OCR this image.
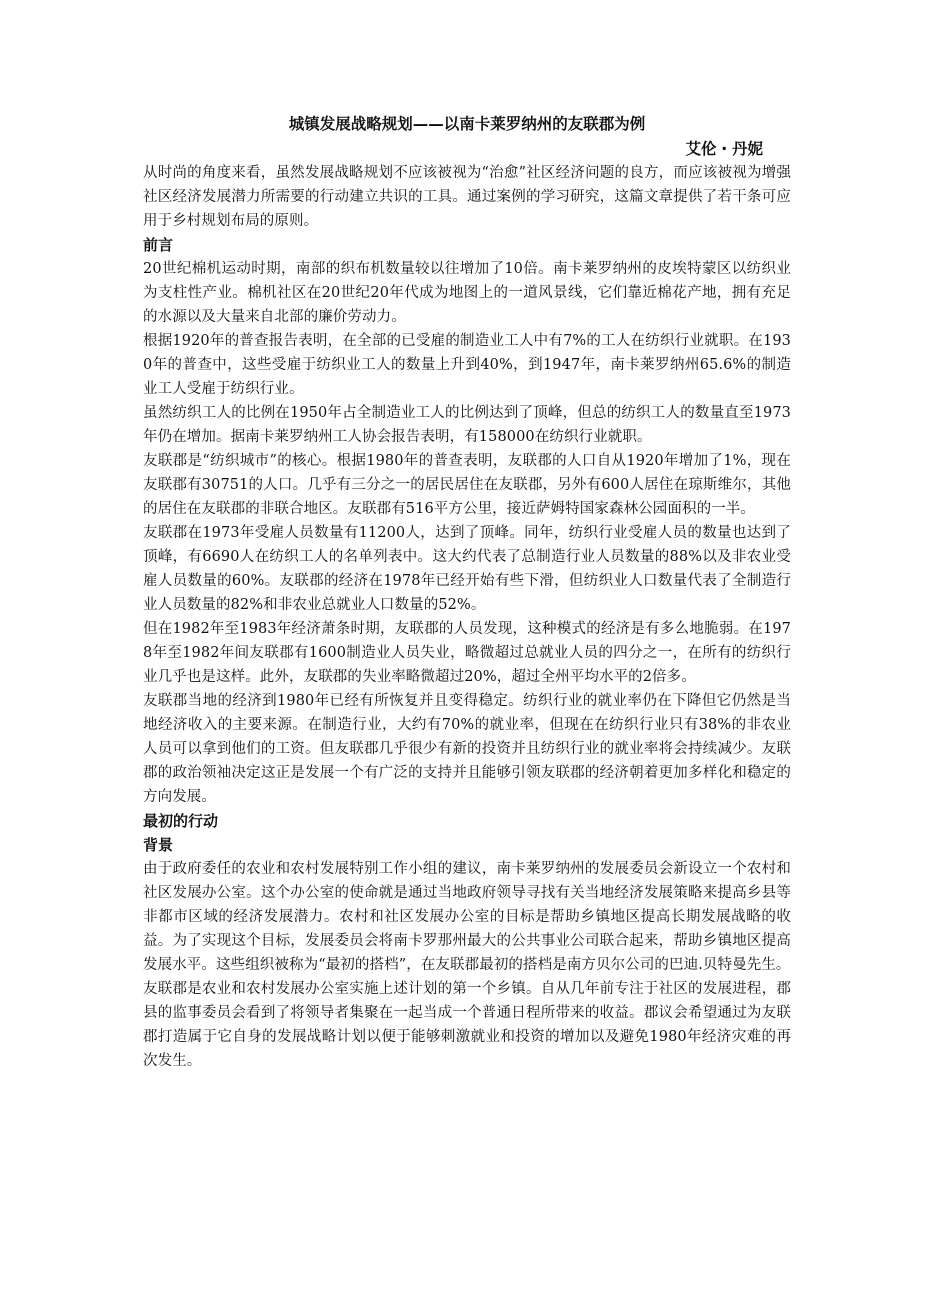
城镇发展战略规划——以南卡莱罗纳州的友联郡为例
艾伦・丹妮

从时尚的角度来看，虽然发展战略规划不应该被视为“治愈”社区经济问题的良方，而应该被视为增强社区经济发展潜力所需要的行动建立共识的工具。通过案例的学习研究，这篇文章提供了若干条可应用于乡村规划布局的原则。

前言

20世纪棉机运动时期，南部的织布机数量较以往增加了10倍。南卡莱罗纳州的皮埃特蒙区以纺织业为支柱性产业。棉机社区在20世纪20年代成为地图上的一道风景线，它们靠近棉花产地，拥有充足的水源以及大量来自北部的廉价劳动力。

根据1920年的普查报告表明，在全部的已受雇的制造业工人中有7%的工人在纺织行业就职。在1930年的普查中，这些受雇于纺织业工人的数量上升到40%，到1947年，南卡莱罗纳州65.6%的制造业工人受雇于纺织行业。

虽然纺织工人的比例在1950年占全制造业工人的比例达到了顶峰，但总的纺织工人的数量直至1973年仍在增加。据南卡莱罗纳州工人协会报告表明，有158000在纺织行业就职。

友联郡是“纺织城市”的核心。根据1980年的普查表明，友联郡的人口自从1920年增加了1%，现在友联郡有30751的人口。几乎有三分之一的居民居住在友联郡，另外有600人居住在琼斯维尔，其他的居住在友联郡的非联合地区。友联郡有516平方公里，接近萨姆特国家森林公园面积的一半。

友联郡在1973年受雇人员数量有11200人，达到了顶峰。同年，纺织行业受雇人员的数量也达到了顶峰，有6690人在纺织工人的名单列表中。这大约代表了总制造行业人员数量的88%以及非农业受雇人员数量的60%。友联郡的经济在1978年已经开始有些下滑，但纺织业人口数量代表了全制造行业人员数量的82%和非农业总就业人口数量的52%。

但在1982年至1983年经济萧条时期，友联郡的人员发现，这种模式的经济是有多么地脆弱。在1978年至1982年间友联郡有1600制造业人员失业，略微超过总就业人员的四分之一，在所有的纺织行业几乎也是这样。此外，友联郡的失业率略微超过20%，超过全州平均水平的2倍多。

友联郡当地的经济到1980年已经有所恢复并且变得稳定。纺织行业的就业率仍在下降但它仍然是当地经济收入的主要来源。在制造行业，大约有70%的就业率，但现在在纺织行业只有38%的非农业人员可以拿到他们的工资。但友联郡几乎很少有新的投资并且纺织行业的就业率将会持续减少。友联郡的政治领袖决定这正是发展一个有广泛的支持并且能够引领友联郡的经济朝着更加多样化和稳定的方向发展。

最初的行动
背景

由于政府委任的农业和农村发展特别工作小组的建议，南卡莱罗纳州的发展委员会新设立一个农村和社区发展办公室。这个办公室的使命就是通过当地政府领导寻找有关当地经济发展策略来提高乡县等非都市区域的经济发展潜力。农村和社区发展办公室的目标是帮助乡镇地区提高长期发展战略的收益。为了实现这个目标，发展委员会将南卡罗那州最大的公共事业公司联合起来，帮助乡镇地区提高发展水平。这些组织被称为“最初的搭档”，在友联郡最初的搭档是南方贝尔公司的巴迪.贝特曼先生。

友联郡是农业和农村发展办公室实施上述计划的第一个乡镇。自从几年前专注于社区的发展进程，郡县的监事委员会看到了将领导者集聚在一起当成一个普通日程所带来的收益。郡议会希望通过为友联郡打造属于它自身的发展战略计划以便于能够刺激就业和投资的增加以及避免1980年经济灾难的再次发生。
